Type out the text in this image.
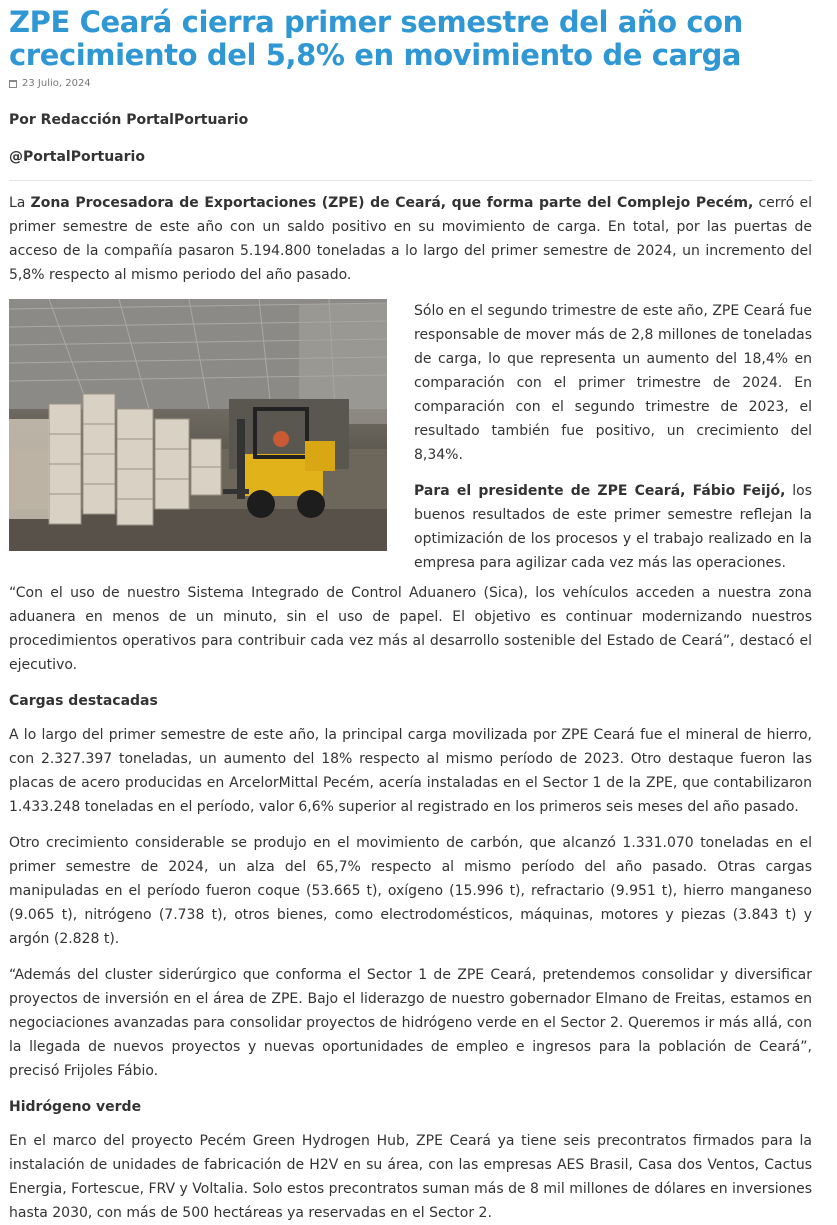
ZPE Ceará cierra primer semestre del año con crecimiento del 5,8% en movimiento de carga
23 Julio, 2024
Por Redacción PortalPortuario
@PortalPortuario

La Zona Procesadora de Exportaciones (ZPE) de Ceará, que forma parte del Complejo Pecém, cerró el primer semestre de este año con un saldo positivo en su movimiento de carga. En total, por las puertas de acceso de la compañía pasaron 5.194.800 toneladas a lo largo del primer semestre de 2024, un incremento del 5,8% respecto al mismo periodo del año pasado.

Sólo en el segundo trimestre de este año, ZPE Ceará fue responsable de mover más de 2,8 millones de toneladas de carga, lo que representa un aumento del 18,4% en comparación con el primer trimestre de 2024. En comparación con el segundo trimestre de 2023, el resultado también fue positivo, un crecimiento del 8,34%.

Para el presidente de ZPE Ceará, Fábio Feijó, los buenos resultados de este primer semestre reflejan la optimización de los procesos y el trabajo realizado en la empresa para agilizar cada vez más las operaciones.

“Con el uso de nuestro Sistema Integrado de Control Aduanero (Sica), los vehículos acceden a nuestra zona aduanera en menos de un minuto, sin el uso de papel. El objetivo es continuar modernizando nuestros procedimientos operativos para contribuir cada vez más al desarrollo sostenible del Estado de Ceará”, destacó el ejecutivo.

Cargas destacadas

A lo largo del primer semestre de este año, la principal carga movilizada por ZPE Ceará fue el mineral de hierro, con 2.327.397 toneladas, un aumento del 18% respecto al mismo período de 2023. Otro destaque fueron las placas de acero producidas en ArcelorMittal Pecém, acería instaladas en el Sector 1 de la ZPE, que contabilizaron 1.433.248 toneladas en el período, valor 6,6% superior al registrado en los primeros seis meses del año pasado.

Otro crecimiento considerable se produjo en el movimiento de carbón, que alcanzó 1.331.070 toneladas en el primer semestre de 2024, un alza del 65,7% respecto al mismo período del año pasado. Otras cargas manipuladas en el período fueron coque (53.665 t), oxígeno (15.996 t), refractario (9.951 t), hierro manganeso (9.065 t), nitrógeno (7.738 t), otros bienes, como electrodomésticos, máquinas, motores y piezas (3.843 t) y argón (2.828 t).

“Además del cluster siderúrgico que conforma el Sector 1 de ZPE Ceará, pretendemos consolidar y diversificar proyectos de inversión en el área de ZPE. Bajo el liderazgo de nuestro gobernador Elmano de Freitas, estamos en negociaciones avanzadas para consolidar proyectos de hidrógeno verde en el Sector 2. Queremos ir más allá, con la llegada de nuevos proyectos y nuevas oportunidades de empleo e ingresos para la población de Ceará”, precisó Frijoles Fábio.

Hidrógeno verde

En el marco del proyecto Pecém Green Hydrogen Hub, ZPE Ceará ya tiene seis precontratos firmados para la instalación de unidades de fabricación de H2V en su área, con las empresas AES Brasil, Casa dos Ventos, Cactus Energia, Fortescue, FRV y Voltalia. Solo estos precontratos suman más de 8 mil millones de dólares en inversiones hasta 2030, con más de 500 hectáreas ya reservadas en el Sector 2.
